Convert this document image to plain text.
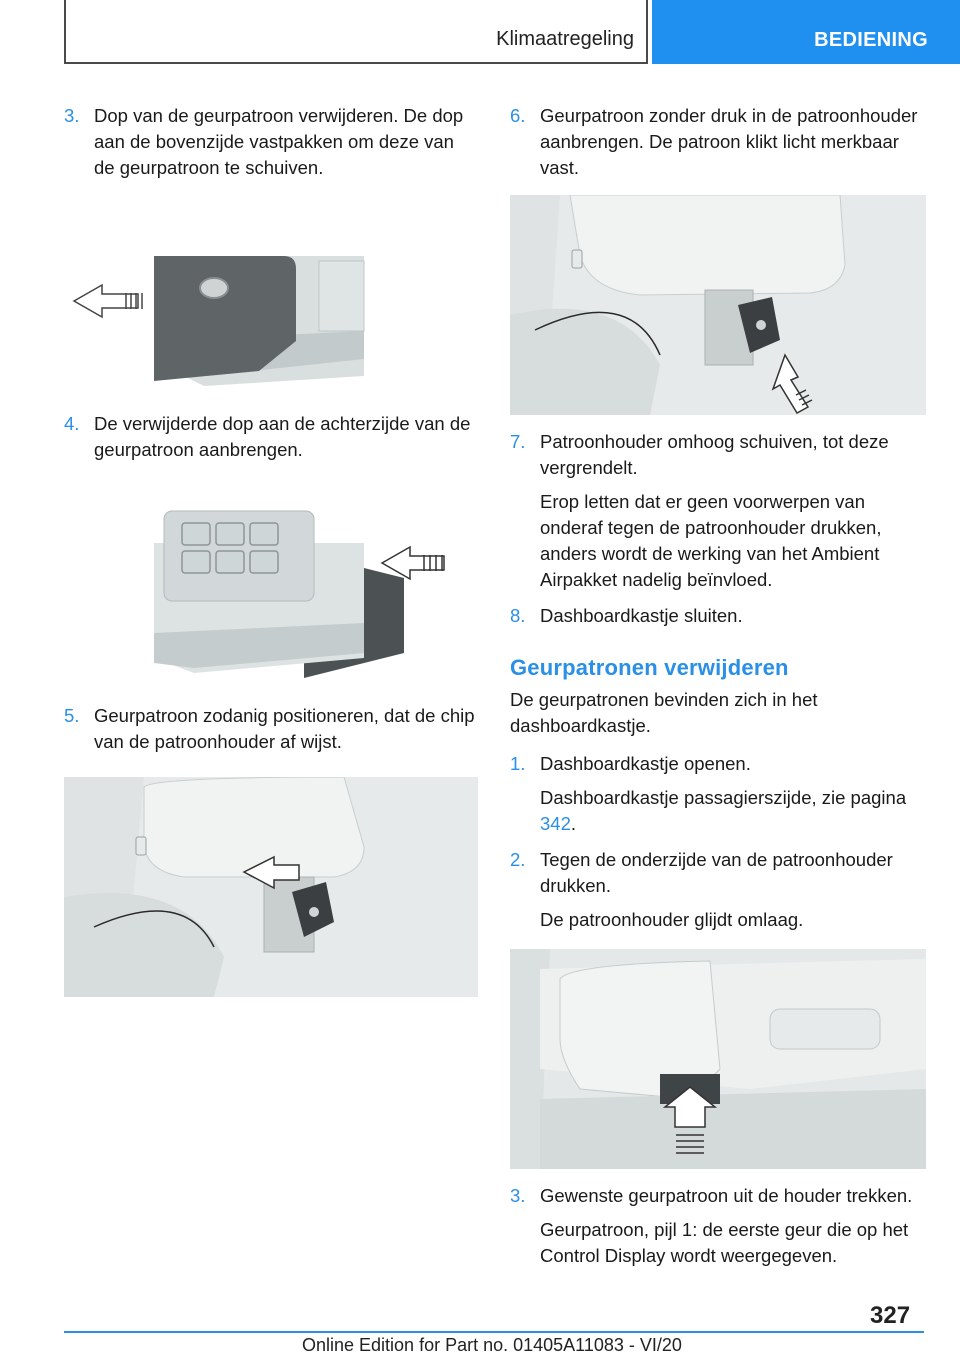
Klimaatregeling	BEDIENING
3. Dop van de geurpatroon verwijderen. De dop aan de bovenzijde vastpakken om deze van de geurpatroon te schuiven.

4. De verwijderde dop aan de achterzijde van de geurpatroon aanbrengen.

5. Geurpatroon zodanig positioneren, dat de chip van de patroonhouder af wijst.

6. Geurpatroon zonder druk in de patroonhouder aanbrengen. De patroon klikt licht merkbaar vast.

7. Patroonhouder omhoog schuiven, tot deze vergrendelt.

Erop letten dat er geen voorwerpen van onderaf tegen de patroonhouder drukken, anders wordt de werking van het Ambient Airpakket nadelig beïnvloed.

8. Dashboardkastje sluiten.

Geurpatronen verwijderen

De geurpatronen bevinden zich in het dashboardkastje.

1. Dashboardkastje openen.

Dashboardkastje passagierszijde, zie pagina 342.

2. Tegen de onderzijde van de patroonhouder drukken.

De patroonhouder glijdt omlaag.

3. Gewenste geurpatroon uit de houder trekken.

Geurpatroon, pijl 1: de eerste geur die op het Control Display wordt weergegeven.

327
Online Edition for Part no. 01405A11083 - VI/20
